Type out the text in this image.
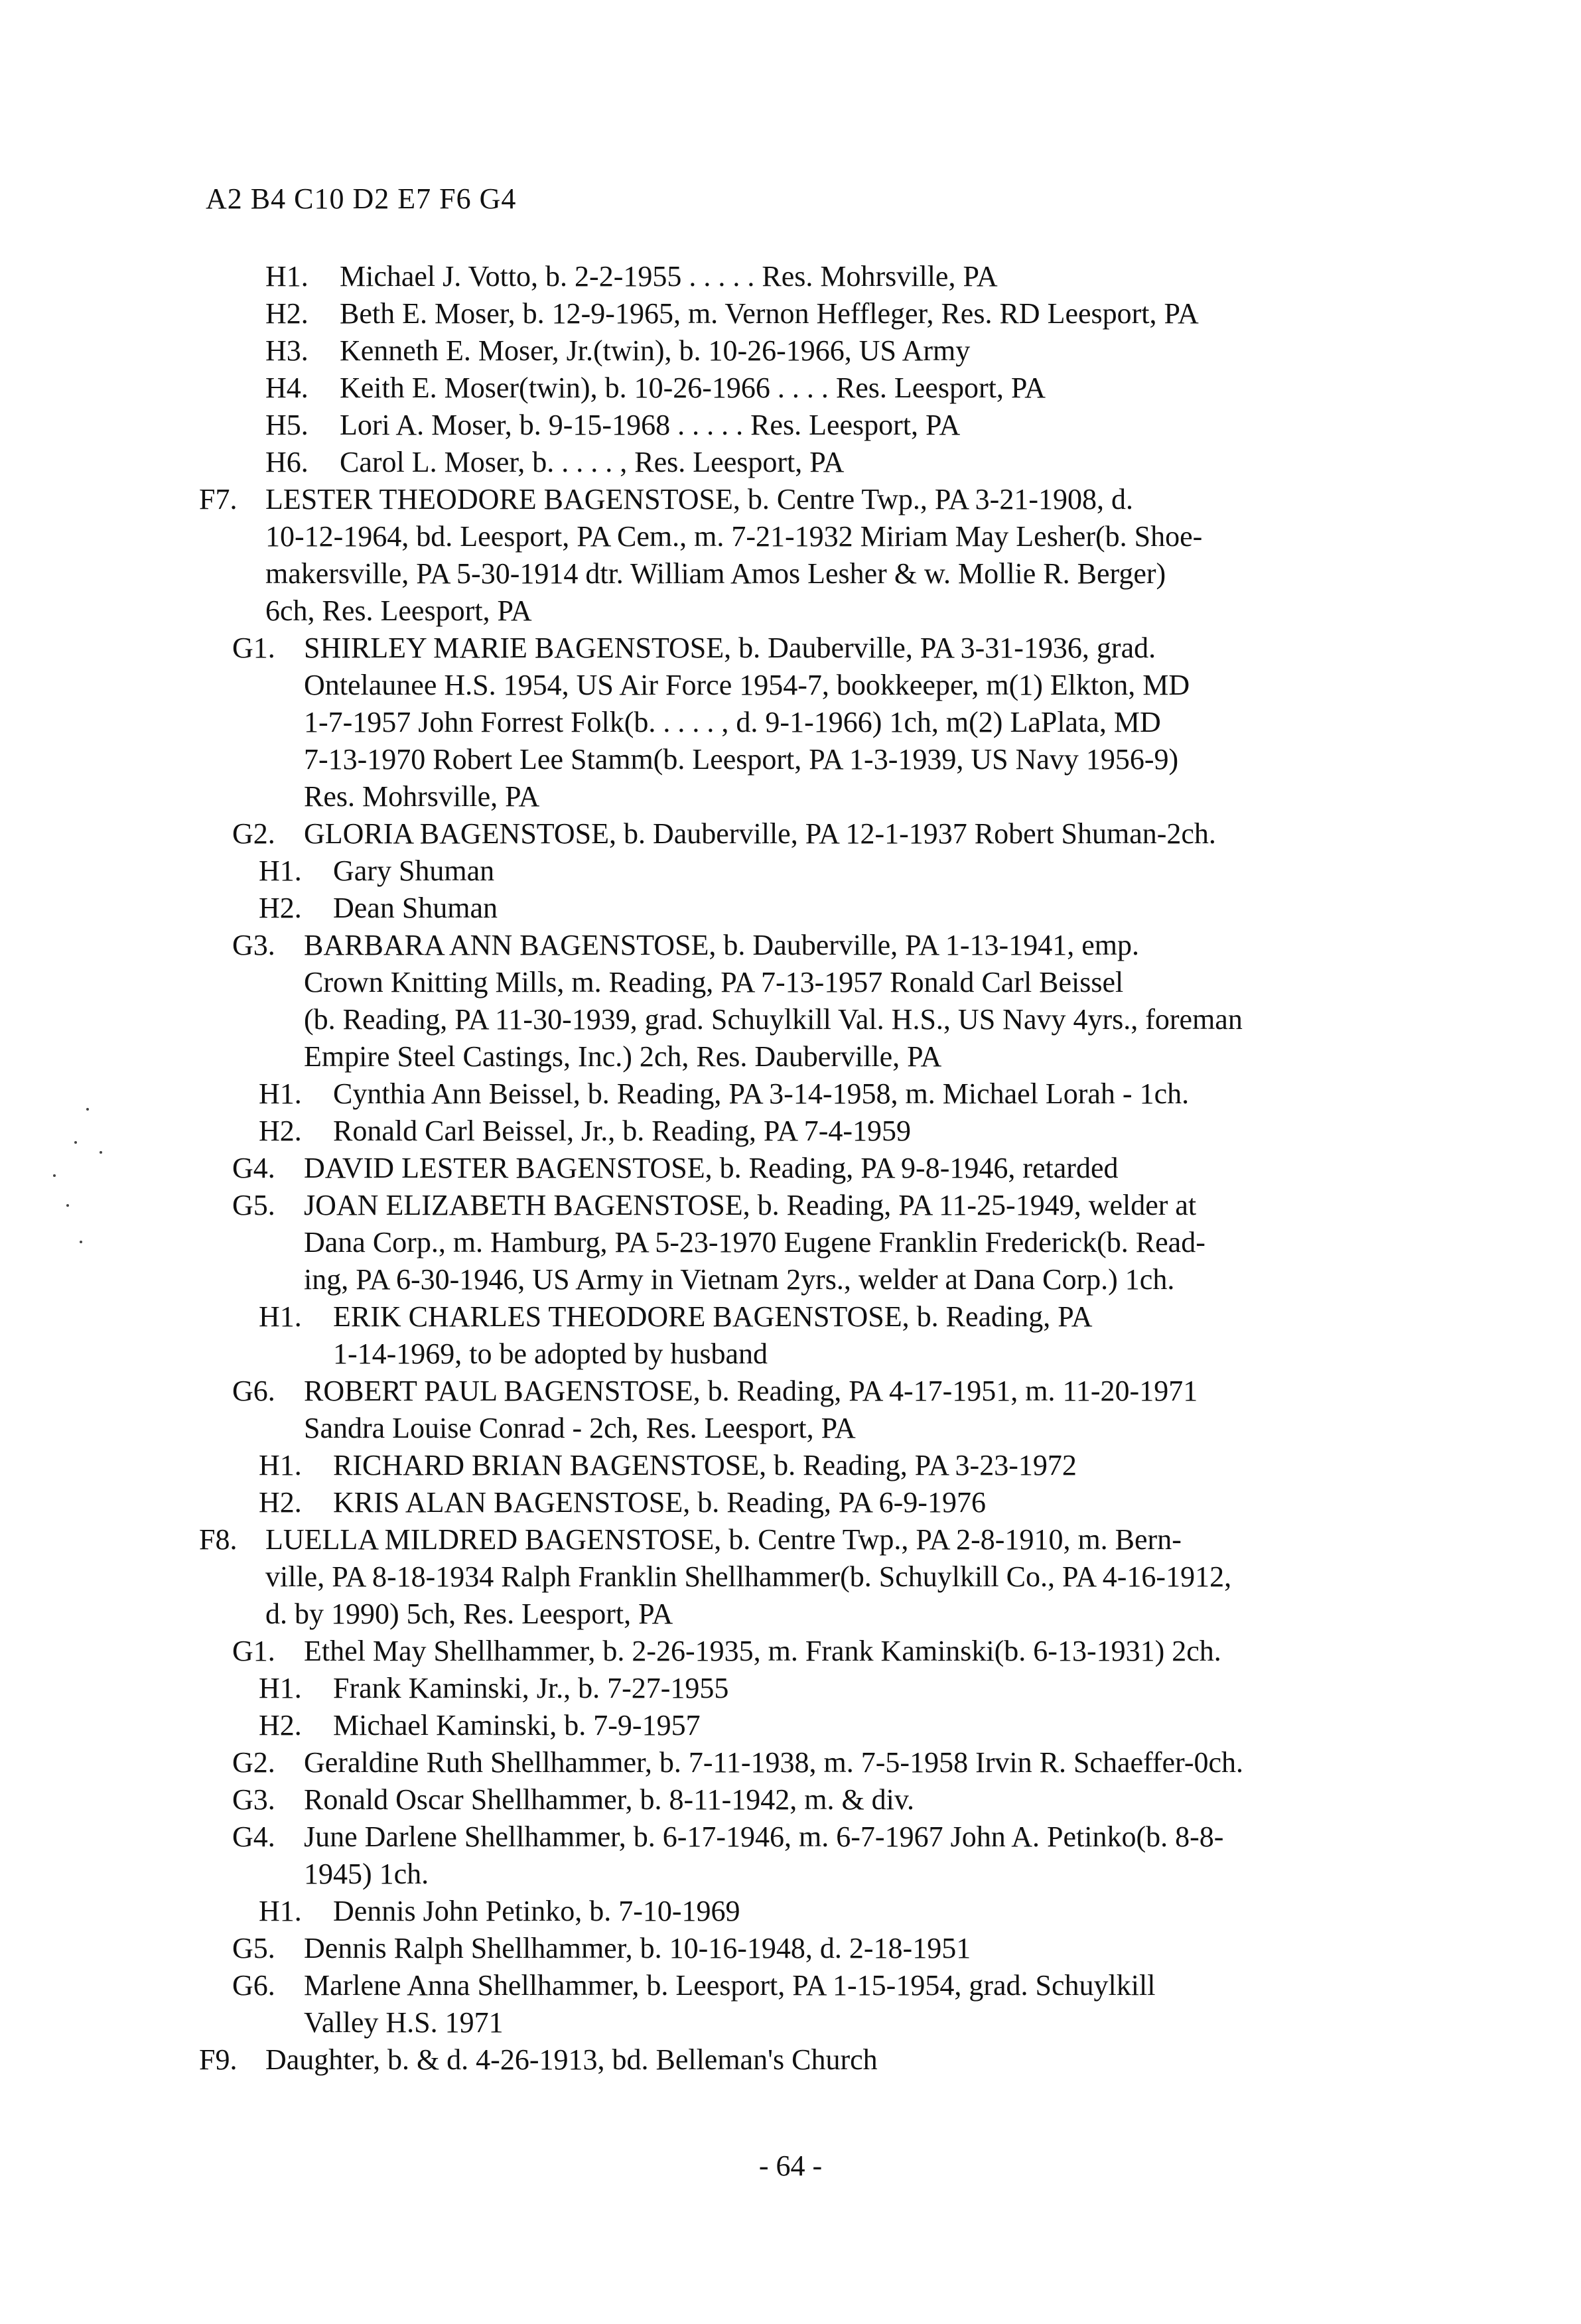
A2 B4 C10 D2 E7 F6 G4
H1.	Michael J. Votto, b. 2-2-1955 . . . . . Res. Mohrsville, PA
H2.	Beth E. Moser, b. 12-9-1965, m. Vernon Heffleger, Res. RD Leesport, PA
H3.	Kenneth E. Moser, Jr.(twin), b. 10-26-1966, US Army
H4.	Keith E. Moser(twin), b. 10-26-1966 . . . . Res. Leesport, PA
H5.	Lori A. Moser, b. 9-15-1968 . . . . . Res. Leesport, PA
H6.	Carol L. Moser, b. . . . . , Res. Leesport, PA
F7. LESTER THEODORE BAGENSTOSE, b. Centre Twp., PA 3-21-1908, d.
10-12-1964, bd. Leesport, PA Cem., m. 7-21-1932 Miriam May Lesher(b. Shoe-
makersville, PA 5-30-1914 dtr. William Amos Lesher & w. Mollie R. Berger)
6ch, Res. Leesport, PA
G1. SHIRLEY MARIE BAGENSTOSE, b. Dauberville, PA 3-31-1936, grad.
Ontelaunee H.S. 1954, US Air Force 1954-7, bookkeeper, m(1) Elkton, MD
1-7-1957 John Forrest Folk(b. . . . . , d. 9-1-1966) 1ch, m(2) LaPlata, MD
7-13-1970 Robert Lee Stamm(b. Leesport, PA 1-3-1939, US Navy 1956-9)
Res. Mohrsville, PA
G2. GLORIA BAGENSTOSE, b. Dauberville, PA 12-1-1937 Robert Shuman-2ch.
H1.	Gary Shuman
H2.	Dean Shuman
G3. BARBARA ANN BAGENSTOSE, b. Dauberville, PA 1-13-1941, emp.
Crown Knitting Mills, m. Reading, PA 7-13-1957 Ronald Carl Beissel
(b. Reading, PA 11-30-1939, grad. Schuylkill Val. H.S., US Navy 4yrs., foreman
Empire Steel Castings, Inc.) 2ch, Res. Dauberville, PA
H1.	Cynthia Ann Beissel, b. Reading, PA 3-14-1958, m. Michael Lorah - 1ch.
H2.	Ronald Carl Beissel, Jr., b. Reading, PA 7-4-1959
G4. DAVID LESTER BAGENSTOSE, b. Reading, PA 9-8-1946, retarded
G5. JOAN ELIZABETH BAGENSTOSE, b. Reading, PA 11-25-1949, welder at
Dana Corp., m. Hamburg, PA 5-23-1970 Eugene Franklin Frederick(b. Read-
ing, PA 6-30-1946, US Army in Vietnam 2yrs., welder at Dana Corp.) 1ch.
H1.	ERIK CHARLES THEODORE BAGENSTOSE, b. Reading, PA
1-14-1969, to be adopted by husband
G6. ROBERT PAUL BAGENSTOSE, b. Reading, PA 4-17-1951, m. 11-20-1971
Sandra Louise Conrad - 2ch, Res. Leesport, PA
H1.	RICHARD BRIAN BAGENSTOSE, b. Reading, PA 3-23-1972
H2.	KRIS ALAN BAGENSTOSE, b. Reading, PA 6-9-1976
F8. LUELLA MILDRED BAGENSTOSE, b. Centre Twp., PA 2-8-1910, m. Bern-
ville, PA 8-18-1934 Ralph Franklin Shellhammer(b. Schuylkill Co., PA 4-16-1912,
d. by 1990) 5ch, Res. Leesport, PA
G1. Ethel May Shellhammer, b. 2-26-1935, m. Frank Kaminski(b. 6-13-1931) 2ch.
H1.	Frank Kaminski, Jr., b. 7-27-1955
H2.	Michael Kaminski, b. 7-9-1957
G2. Geraldine Ruth Shellhammer, b. 7-11-1938, m. 7-5-1958 Irvin R. Schaeffer-0ch.
G3. Ronald Oscar Shellhammer, b. 8-11-1942, m. & div.
G4. June Darlene Shellhammer, b. 6-17-1946, m. 6-7-1967 John A. Petinko(b. 8-8-
1945) 1ch.
H1.	Dennis John Petinko, b. 7-10-1969
G5. Dennis Ralph Shellhammer, b. 10-16-1948, d. 2-18-1951
G6. Marlene Anna Shellhammer, b. Leesport, PA 1-15-1954, grad. Schuylkill
Valley H.S. 1971
F9. Daughter, b. & d. 4-26-1913, bd. Belleman's Church
- 64 -
